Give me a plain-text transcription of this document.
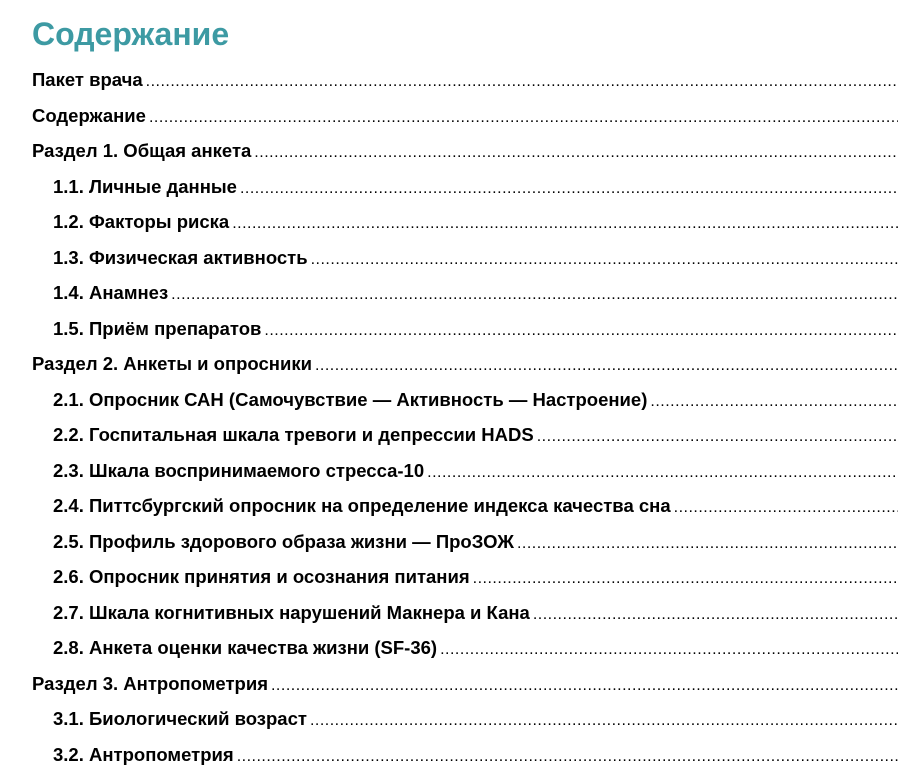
Содержание
Пакет врача
.....
Содержание
.....
Раздел 1. Общая анкета
.....
1.1. Личные данные
.....
1.2. Факторы риска
.....
1.3. Физическая активность
.....
1.4. Анамнез
.....
1.5. Приём препаратов
.....
Раздел 2. Анкеты и опросники
.....
2.1. Опросник САН (Самочувствие — Активность — Настроение)
.....
2.2. Госпитальная шкала тревоги и депрессии HADS
.....
2.3. Шкала воспринимаемого стресса-10
.....
2.4. Питтсбургский опросник на определение индекса качества сна
.....
2.5. Профиль здорового образа жизни — ПроЗОЖ
.....
2.6. Опросник принятия и осознания питания
.....
2.7. Шкала когнитивных нарушений Макнера и Кана
.....
2.8. Анкета оценки качества жизни (SF-36)
.....
Раздел 3. Антропометрия
.....
3.1. Биологический возраст
.....
3.2. Антропометрия
.....
